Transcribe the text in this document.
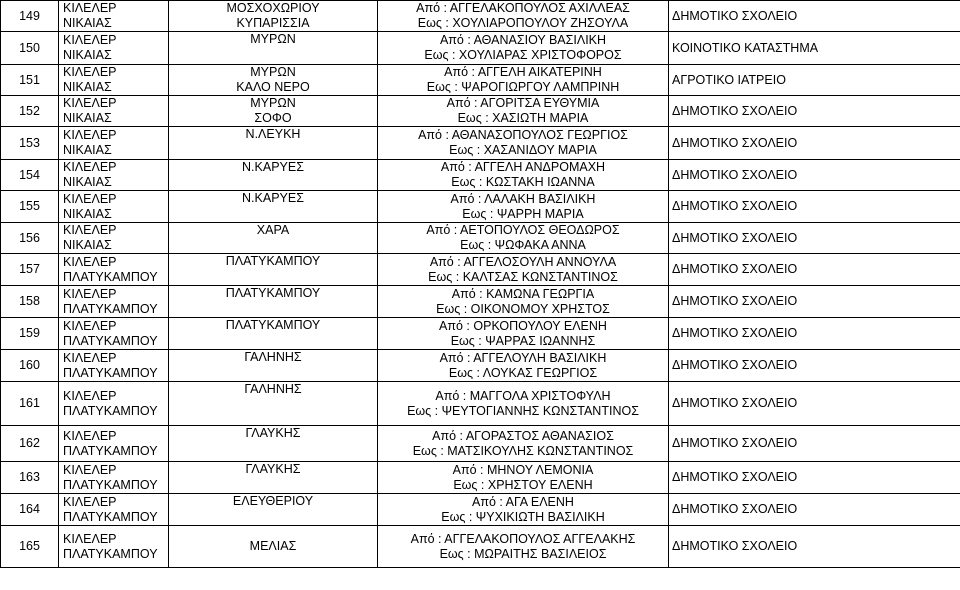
149	ΚΙΛΕΛΕΡ
ΝΙΚΑΙΑΣ	ΜΟΣΧΟΧΩΡΙΟΥ
ΚΥΠΑΡΙΣΣΙΑ	Από : ΑΓΓΕΛΑΚΟΠΟΥΛΟΣ ΑΧΙΛΛΕΑΣ
Εως : ΧΟΥΛΙΑΡΟΠΟΥΛΟΥ ΖΗΣΟΥΛΑ	ΔΗΜΟΤΙΚΟ ΣΧΟΛΕΙΟ
150	ΚΙΛΕΛΕΡ
ΝΙΚΑΙΑΣ	ΜΥΡΩΝ	Από : ΑΘΑΝΑΣΙΟΥ ΒΑΣΙΛΙΚΗ
Εως : ΧΟΥΛΙΑΡΑΣ ΧΡΙΣΤΟΦΟΡΟΣ	ΚΟΙΝΟΤΙΚΟ ΚΑΤΑΣΤΗΜΑ
151	ΚΙΛΕΛΕΡ
ΝΙΚΑΙΑΣ	ΜΥΡΩΝ
ΚΑΛΟ ΝΕΡΟ	Από : ΑΓΓΕΛΗ ΑΙΚΑΤΕΡΙΝΗ
Εως : ΨΑΡΟΓΙΩΡΓΟΥ ΛΑΜΠΡΙΝΗ	ΑΓΡΟΤΙΚΟ ΙΑΤΡΕΙΟ
152	ΚΙΛΕΛΕΡ
ΝΙΚΑΙΑΣ	ΜΥΡΩΝ
ΣΟΦΟ	Από : ΑΓΟΡΙΤΣΑ ΕΥΘΥΜΙΑ
Εως : ΧΑΣΙΩΤΗ ΜΑΡΙΑ	ΔΗΜΟΤΙΚΟ ΣΧΟΛΕΙΟ
153	ΚΙΛΕΛΕΡ
ΝΙΚΑΙΑΣ	Ν.ΛΕΥΚΗ	Από : ΑΘΑΝΑΣΟΠΟΥΛΟΣ ΓΕΩΡΓΙΟΣ
Εως : ΧΑΣΑΝΙΔΟΥ ΜΑΡΙΑ	ΔΗΜΟΤΙΚΟ ΣΧΟΛΕΙΟ
154	ΚΙΛΕΛΕΡ
ΝΙΚΑΙΑΣ	Ν.ΚΑΡΥΕΣ	Από : ΑΓΓΕΛΗ ΑΝΔΡΟΜΑΧΗ
Εως : ΚΩΣΤΑΚΗ ΙΩΑΝΝΑ	ΔΗΜΟΤΙΚΟ ΣΧΟΛΕΙΟ
155	ΚΙΛΕΛΕΡ
ΝΙΚΑΙΑΣ	Ν.ΚΑΡΥΕΣ	Από : ΛΑΛΑΚΗ ΒΑΣΙΛΙΚΗ
Εως : ΨΑΡΡΗ ΜΑΡΙΑ	ΔΗΜΟΤΙΚΟ ΣΧΟΛΕΙΟ
156	ΚΙΛΕΛΕΡ
ΝΙΚΑΙΑΣ	ΧΑΡΑ	Από : ΑΕΤΟΠΟΥΛΟΣ ΘΕΟΔΩΡΟΣ
Εως : ΨΩΦΑΚΑ ΑΝΝΑ	ΔΗΜΟΤΙΚΟ ΣΧΟΛΕΙΟ
157	ΚΙΛΕΛΕΡ
ΠΛΑΤΥΚΑΜΠΟΥ	ΠΛΑΤΥΚΑΜΠΟΥ	Από : ΑΓΓΕΛΟΣΟΥΛΗ ΑΝΝΟΥΛΑ
Εως : ΚΑΛΤΣΑΣ ΚΩΝΣΤΑΝΤΙΝΟΣ	ΔΗΜΟΤΙΚΟ ΣΧΟΛΕΙΟ
158	ΚΙΛΕΛΕΡ
ΠΛΑΤΥΚΑΜΠΟΥ	ΠΛΑΤΥΚΑΜΠΟΥ	Από : ΚΑΜΩΝΑ ΓΕΩΡΓΙΑ
Εως : ΟΙΚΟΝΟΜΟΥ ΧΡΗΣΤΟΣ	ΔΗΜΟΤΙΚΟ ΣΧΟΛΕΙΟ
159	ΚΙΛΕΛΕΡ
ΠΛΑΤΥΚΑΜΠΟΥ	ΠΛΑΤΥΚΑΜΠΟΥ	Από : ΟΡΚΟΠΟΥΛΟΥ ΕΛΕΝΗ
Εως : ΨΑΡΡΑΣ ΙΩΑΝΝΗΣ	ΔΗΜΟΤΙΚΟ ΣΧΟΛΕΙΟ
160	ΚΙΛΕΛΕΡ
ΠΛΑΤΥΚΑΜΠΟΥ	ΓΑΛΗΝΗΣ	Από : ΑΓΓΕΛΟΥΛΗ ΒΑΣΙΛΙΚΗ
Εως : ΛΟΥΚΑΣ ΓΕΩΡΓΙΟΣ	ΔΗΜΟΤΙΚΟ ΣΧΟΛΕΙΟ
161	ΚΙΛΕΛΕΡ
ΠΛΑΤΥΚΑΜΠΟΥ	ΓΑΛΗΝΗΣ	Από : ΜΑΓΓΟΛΑ ΧΡΙΣΤΟΦΥΛΗ
Εως : ΨΕΥΤΟΓΙΑΝΝΗΣ ΚΩΝΣΤΑΝΤΙΝΟΣ	ΔΗΜΟΤΙΚΟ ΣΧΟΛΕΙΟ
162	ΚΙΛΕΛΕΡ
ΠΛΑΤΥΚΑΜΠΟΥ	ΓΛΑΥΚΗΣ	Από : ΑΓΟΡΑΣΤΟΣ ΑΘΑΝΑΣΙΟΣ
Εως : ΜΑΤΣΙΚΟΥΛΗΣ ΚΩΝΣΤΑΝΤΙΝΟΣ	ΔΗΜΟΤΙΚΟ ΣΧΟΛΕΙΟ
163	ΚΙΛΕΛΕΡ
ΠΛΑΤΥΚΑΜΠΟΥ	ΓΛΑΥΚΗΣ	Από : ΜΗΝΟΥ ΛΕΜΟΝΙΑ
Εως : ΧΡΗΣΤΟΥ ΕΛΕΝΗ	ΔΗΜΟΤΙΚΟ ΣΧΟΛΕΙΟ
164	ΚΙΛΕΛΕΡ
ΠΛΑΤΥΚΑΜΠΟΥ	ΕΛΕΥΘΕΡΙΟΥ	Από : ΑΓΑ ΕΛΕΝΗ
Εως : ΨΥΧΙΚΙΩΤΗ ΒΑΣΙΛΙΚΗ	ΔΗΜΟΤΙΚΟ ΣΧΟΛΕΙΟ
165	ΚΙΛΕΛΕΡ
ΠΛΑΤΥΚΑΜΠΟΥ	ΜΕΛΙΑΣ	Από : ΑΓΓΕΛΑΚΟΠΟΥΛΟΣ ΑΓΓΕΛΑΚΗΣ
Εως : ΜΩΡΑΙΤΗΣ ΒΑΣΙΛΕΙΟΣ	ΔΗΜΟΤΙΚΟ ΣΧΟΛΕΙΟ
